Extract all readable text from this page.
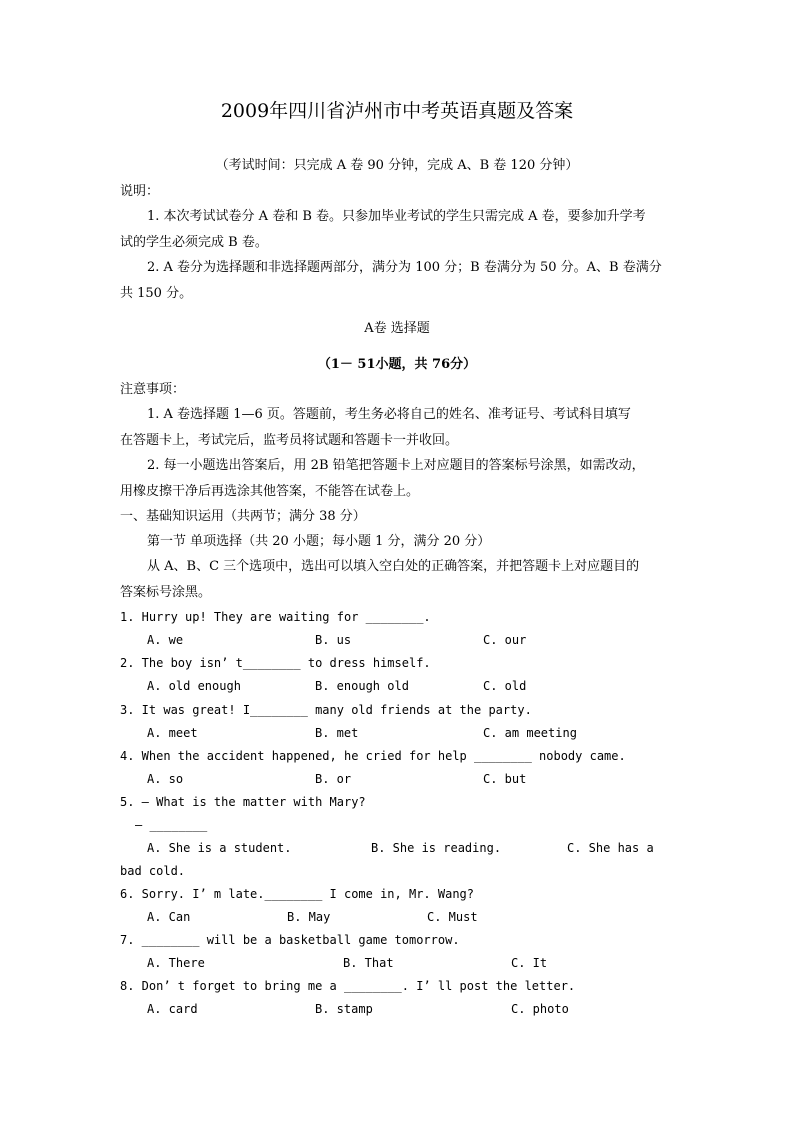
2009年四川省泸州市中考英语真题及答案
（考试时间：只完成 A 卷 90 分钟，完成 A、B 卷 120 分钟）
说明：
1. 本次考试试卷分 A 卷和 B 卷。只参加毕业考试的学生只需完成 A 卷，要参加升学考
试的学生必须完成 B 卷。
2. A 卷分为选择题和非选择题两部分，满分为 100 分；B 卷满分为 50 分。A、B 卷满分
共 150 分。
A卷 选择题
（1－ 51小题，共 76分）
注意事项：
1. A 卷选择题 1—6 页。答题前，考生务必将自己的姓名、准考证号、考试科目填写
在答题卡上，考试完后，监考员将试题和答题卡一并收回。
2. 每一小题选出答案后，用 2B 铅笔把答题卡上对应题目的答案标号涂黑，如需改动，
用橡皮擦干净后再选涂其他答案，不能答在试卷上。
一、基础知识运用（共两节；满分 38 分）
第一节 单项选择（共 20 小题；每小题 1 分，满分 20 分）
从 A、B、C 三个选项中，选出可以填入空白处的正确答案，并把答题卡上对应题目的
答案标号涂黑。
1. Hurry up! They are waiting for ________.
A. we	B. us	C. our
2. The boy isn’ t________ to dress himself.
A. old enough	B. enough old	C. old
3. It was great! I________ many old friends at the party.
A. meet	B. met	C. am meeting
4. When the accident happened, he cried for help ________ nobody came.
A. so	B. or	C. but
5. — What is the matter with Mary?
— ________
A. She is a student.	B. She is reading.	C. She has a
bad cold.
6. Sorry. I’ m late.________ I come in, Mr. Wang?
A. Can	B. May	C. Must
7. ________ will be a basketball game tomorrow.
A. There	B. That	C. It
8. Don’ t forget to bring me a ________. I’ ll post the letter.
A. card	B. stamp	C. photo
